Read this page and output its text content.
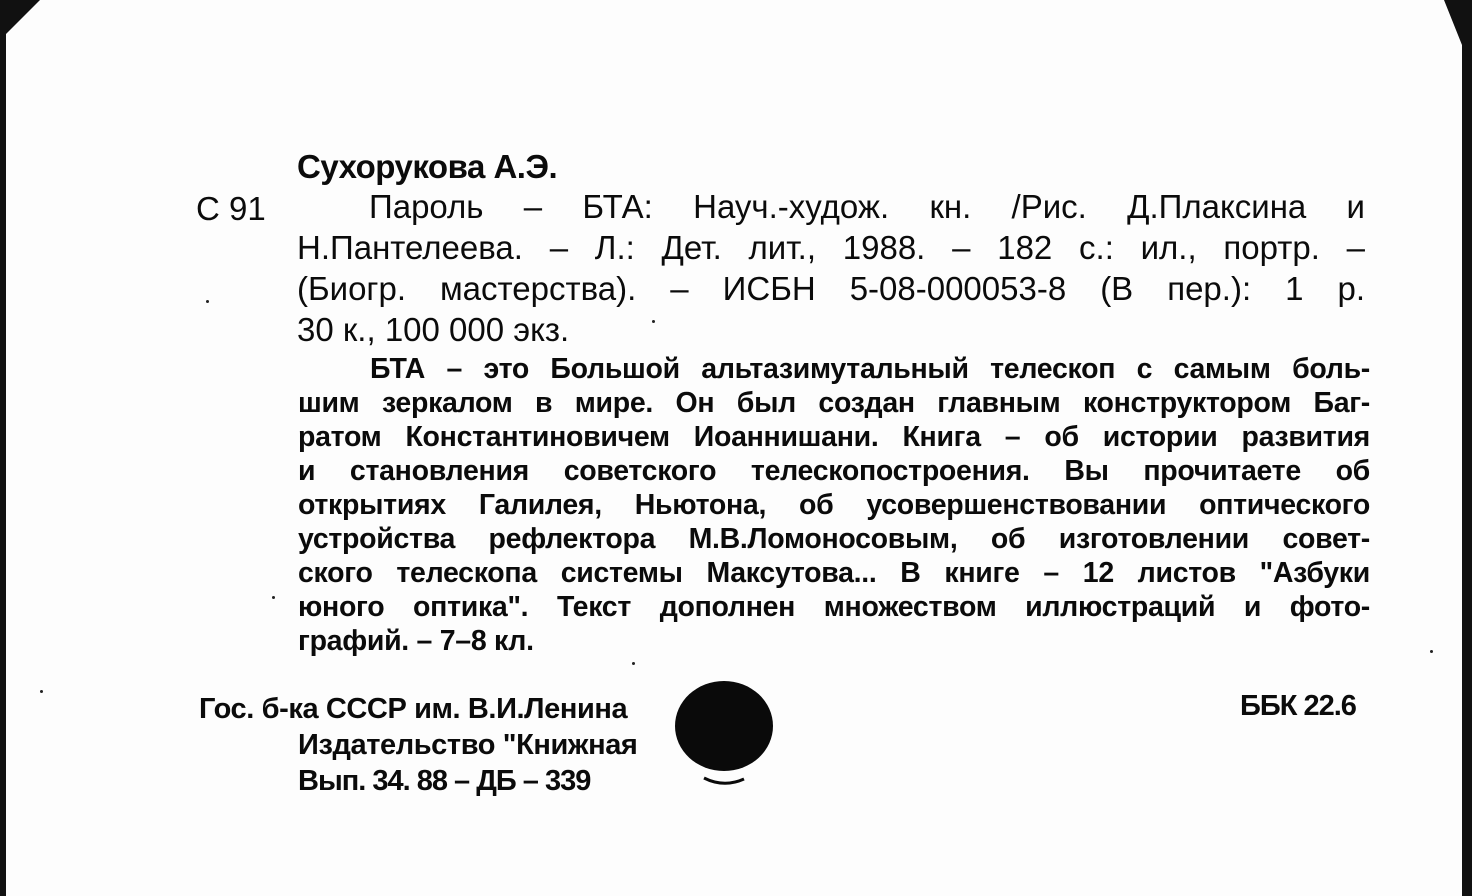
Сухорукова А.Э.
С 91	Пароль – БТА: Науч.-худож. кн. /Рис. Д.Плаксина и
Н.Пантелеева. – Л.: Дет. лит., 1988. – 182 с.: ил., портр. –
(Биогр. мастерства). – ИСБН 5-08-000053-8 (В пер.): 1 р.
30 к., 100 000 экз.
БТА – это Большой альтазимутальный телескоп с самым боль-
шим зеркалом в мире. Он был создан главным конструктором Баг-
ратом Константиновичем Иоаннишани. Книга – об истории развития
и становления советского телескопостроения. Вы прочитаете об
открытиях Галилея, Ньютона, об усовершенствовании оптического
устройства рефлектора М.В.Ломоносовым, об изготовлении совет-
ского телескопа системы Максутова... В книге – 12 листов "Азбуки
юного оптика". Текст дополнен множеством иллюстраций и фото-
графий. – 7–8 кл.
Гос. б-ка СССР им. В.И.Ленина
Издательство "Книжная
Вып. 34. 88 – ДБ – 339
ББК 22.6
